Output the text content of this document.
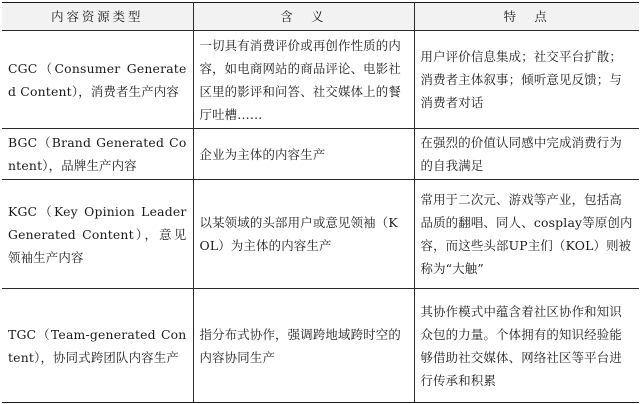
内容资源类型	含　义	特　点
CGC（Consumer Generated Content），消费者生产内容	一切具有消费评价或再创作性质的内容，如电商网站的商品评论、电影社区里的影评和问答、社交媒体上的餐厅吐槽……	用户评价信息集成；社交平台扩散；消费者主体叙事；倾听意见反馈；与消费者对话
BGC（Brand Generated Content），品牌生产内容	企业为主体的内容生产	在强烈的价值认同感中完成消费行为的自我满足
KGC（Key Opinion Leader Generated Content），意见领袖生产内容	以某领域的头部用户或意见领袖（KOL）为主体的内容生产	常用于二次元、游戏等产业，包括高品质的翻唱、同人、cosplay等原创内容，而这些头部UP主们（KOL）则被称为“大触”
TGC（Team-generated Content），协同式跨团队内容生产	指分布式协作，强调跨地域跨时空的内容协同生产	其协作模式中蕴含着社区协作和知识众包的力量。个体拥有的知识经验能够借助社交媒体、网络社区等平台进行传承和积累
